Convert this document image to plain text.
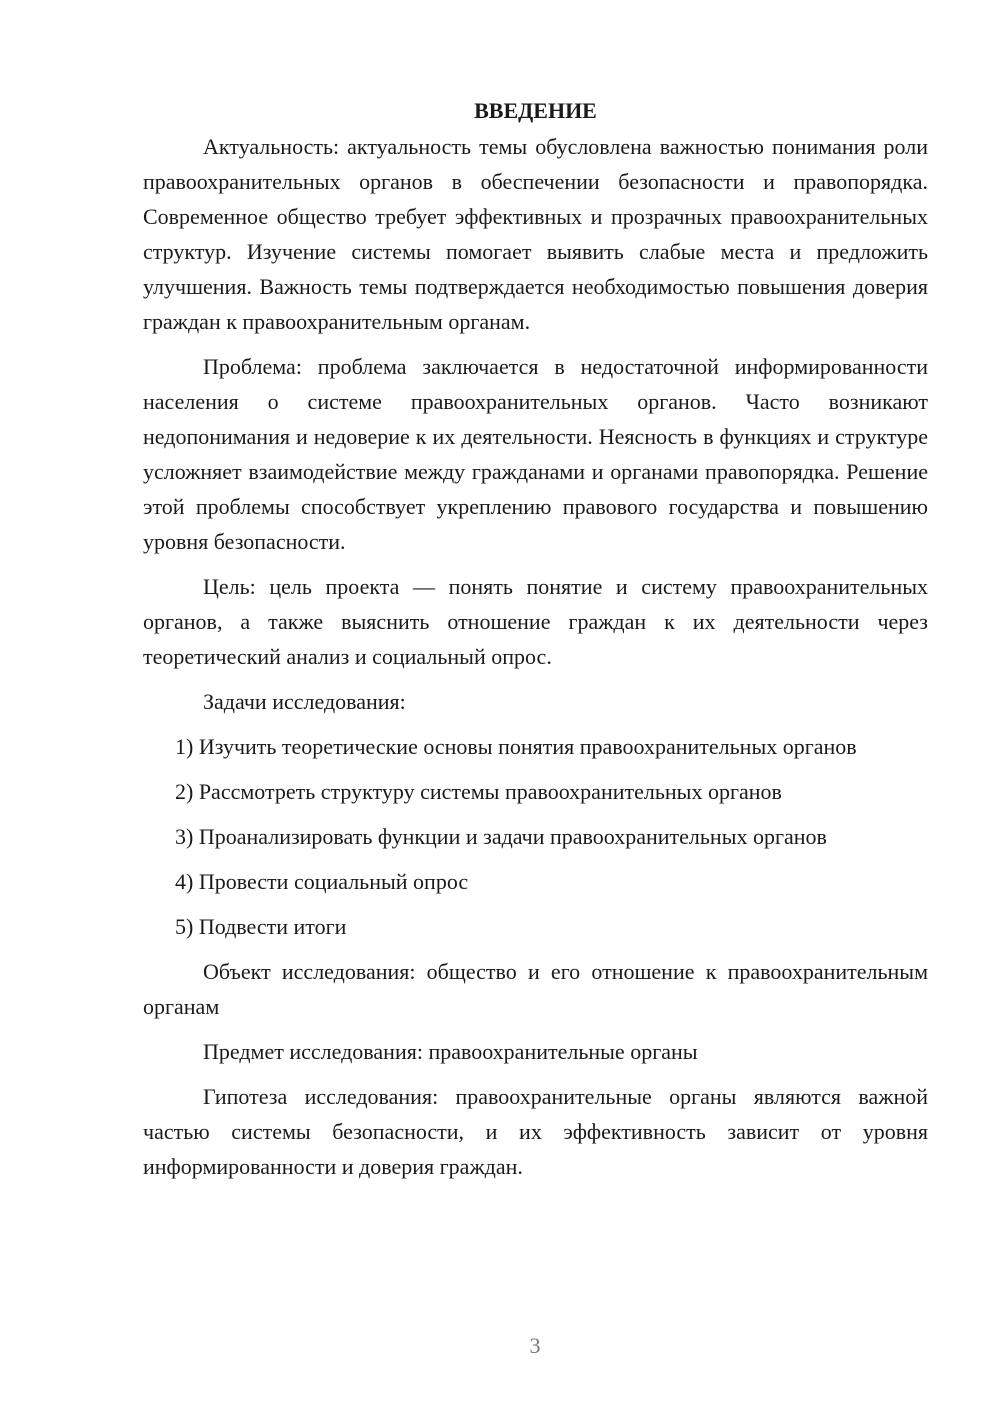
ВВЕДЕНИЕ

Актуальность: актуальность темы обусловлена важностью понимания роли правоохранительных органов в обеспечении безопасности и правопорядка. Современное общество требует эффективных и прозрачных правоохранительных структур. Изучение системы помогает выявить слабые места и предложить улучшения. Важность темы подтверждается необходимостью повышения доверия граждан к правоохранительным органам.

Проблема: проблема заключается в недостаточной информированности населения о системе правоохранительных органов. Часто возникают недопонимания и недоверие к их деятельности. Неясность в функциях и структуре усложняет взаимодействие между гражданами и органами правопорядка. Решение этой проблемы способствует укреплению правового государства и повышению уровня безопасности.

Цель: цель проекта — понять понятие и систему правоохранительных органов, а также выяснить отношение граждан к их деятельности через теоретический анализ и социальный опрос.

Задачи исследования:

1) Изучить теоретические основы понятия правоохранительных органов
2) Рассмотреть структуру системы правоохранительных органов
3) Проанализировать функции и задачи правоохранительных органов
4) Провести социальный опрос
5) Подвести итоги

Объект исследования: общество и его отношение к правоохранительным органам

Предмет исследования: правоохранительные органы

Гипотеза исследования: правоохранительные органы являются важной частью системы безопасности, и их эффективность зависит от уровня информированности и доверия граждан.

3
